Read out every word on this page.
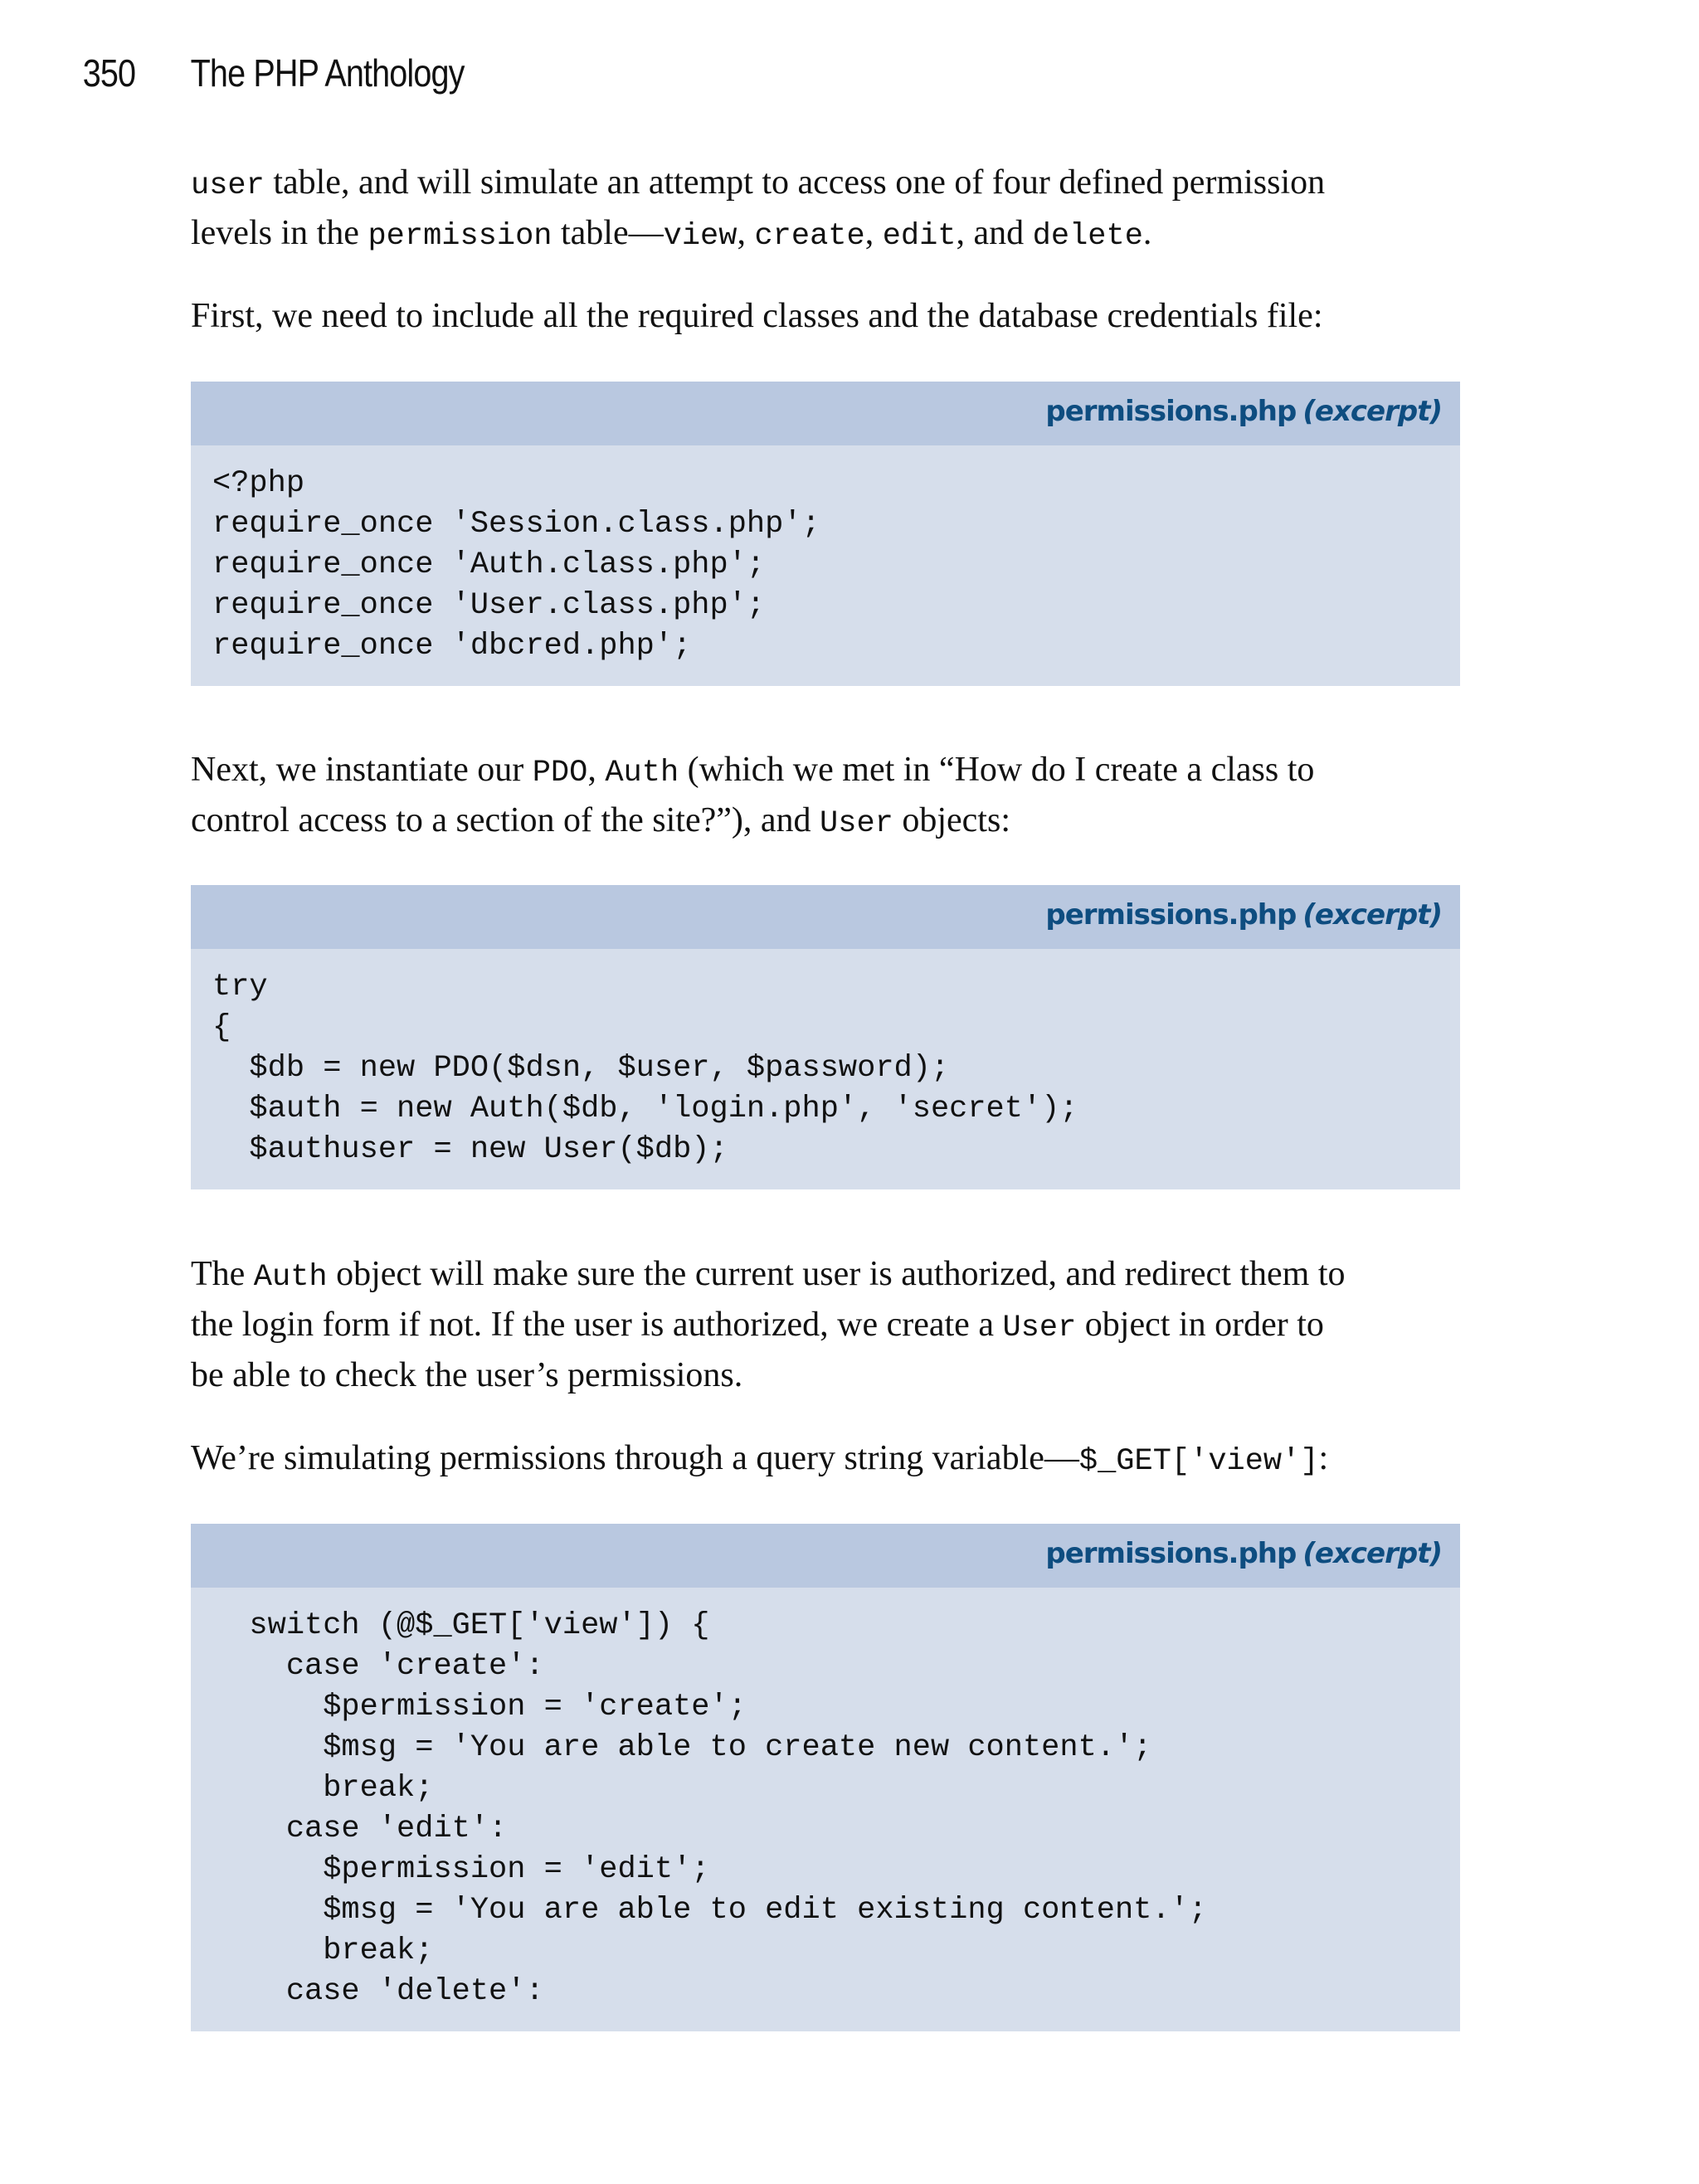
350 The PHP Anthology
user table, and will simulate an attempt to access one of four defined permission
levels in the permission table—view, create, edit, and delete.
First, we need to include all the required classes and the database credentials file:
permissions.php (excerpt)
<?php
require_once 'Session.class.php';
require_once 'Auth.class.php';
require_once 'User.class.php';
require_once 'dbcred.php';
Next, we instantiate our PDO, Auth (which we met in “How do I create a class to
control access to a section of the site?”), and User objects:
permissions.php (excerpt)
try
{
$db = new PDO($dsn, $user, $password);
$auth = new Auth($db, 'login.php', 'secret');
$authuser = new User($db);
The Auth object will make sure the current user is authorized, and redirect them to
the login form if not. If the user is authorized, we create a User object in order to
be able to check the user’s permissions.
We’re simulating permissions through a query string variable—$_GET['view']:
permissions.php (excerpt)
switch (@$_GET['view']) {
case 'create':
$permission = 'create';
$msg = 'You are able to create new content.';
break;
case 'edit':
$permission = 'edit';
$msg = 'You are able to edit existing content.';
break;
case 'delete':
